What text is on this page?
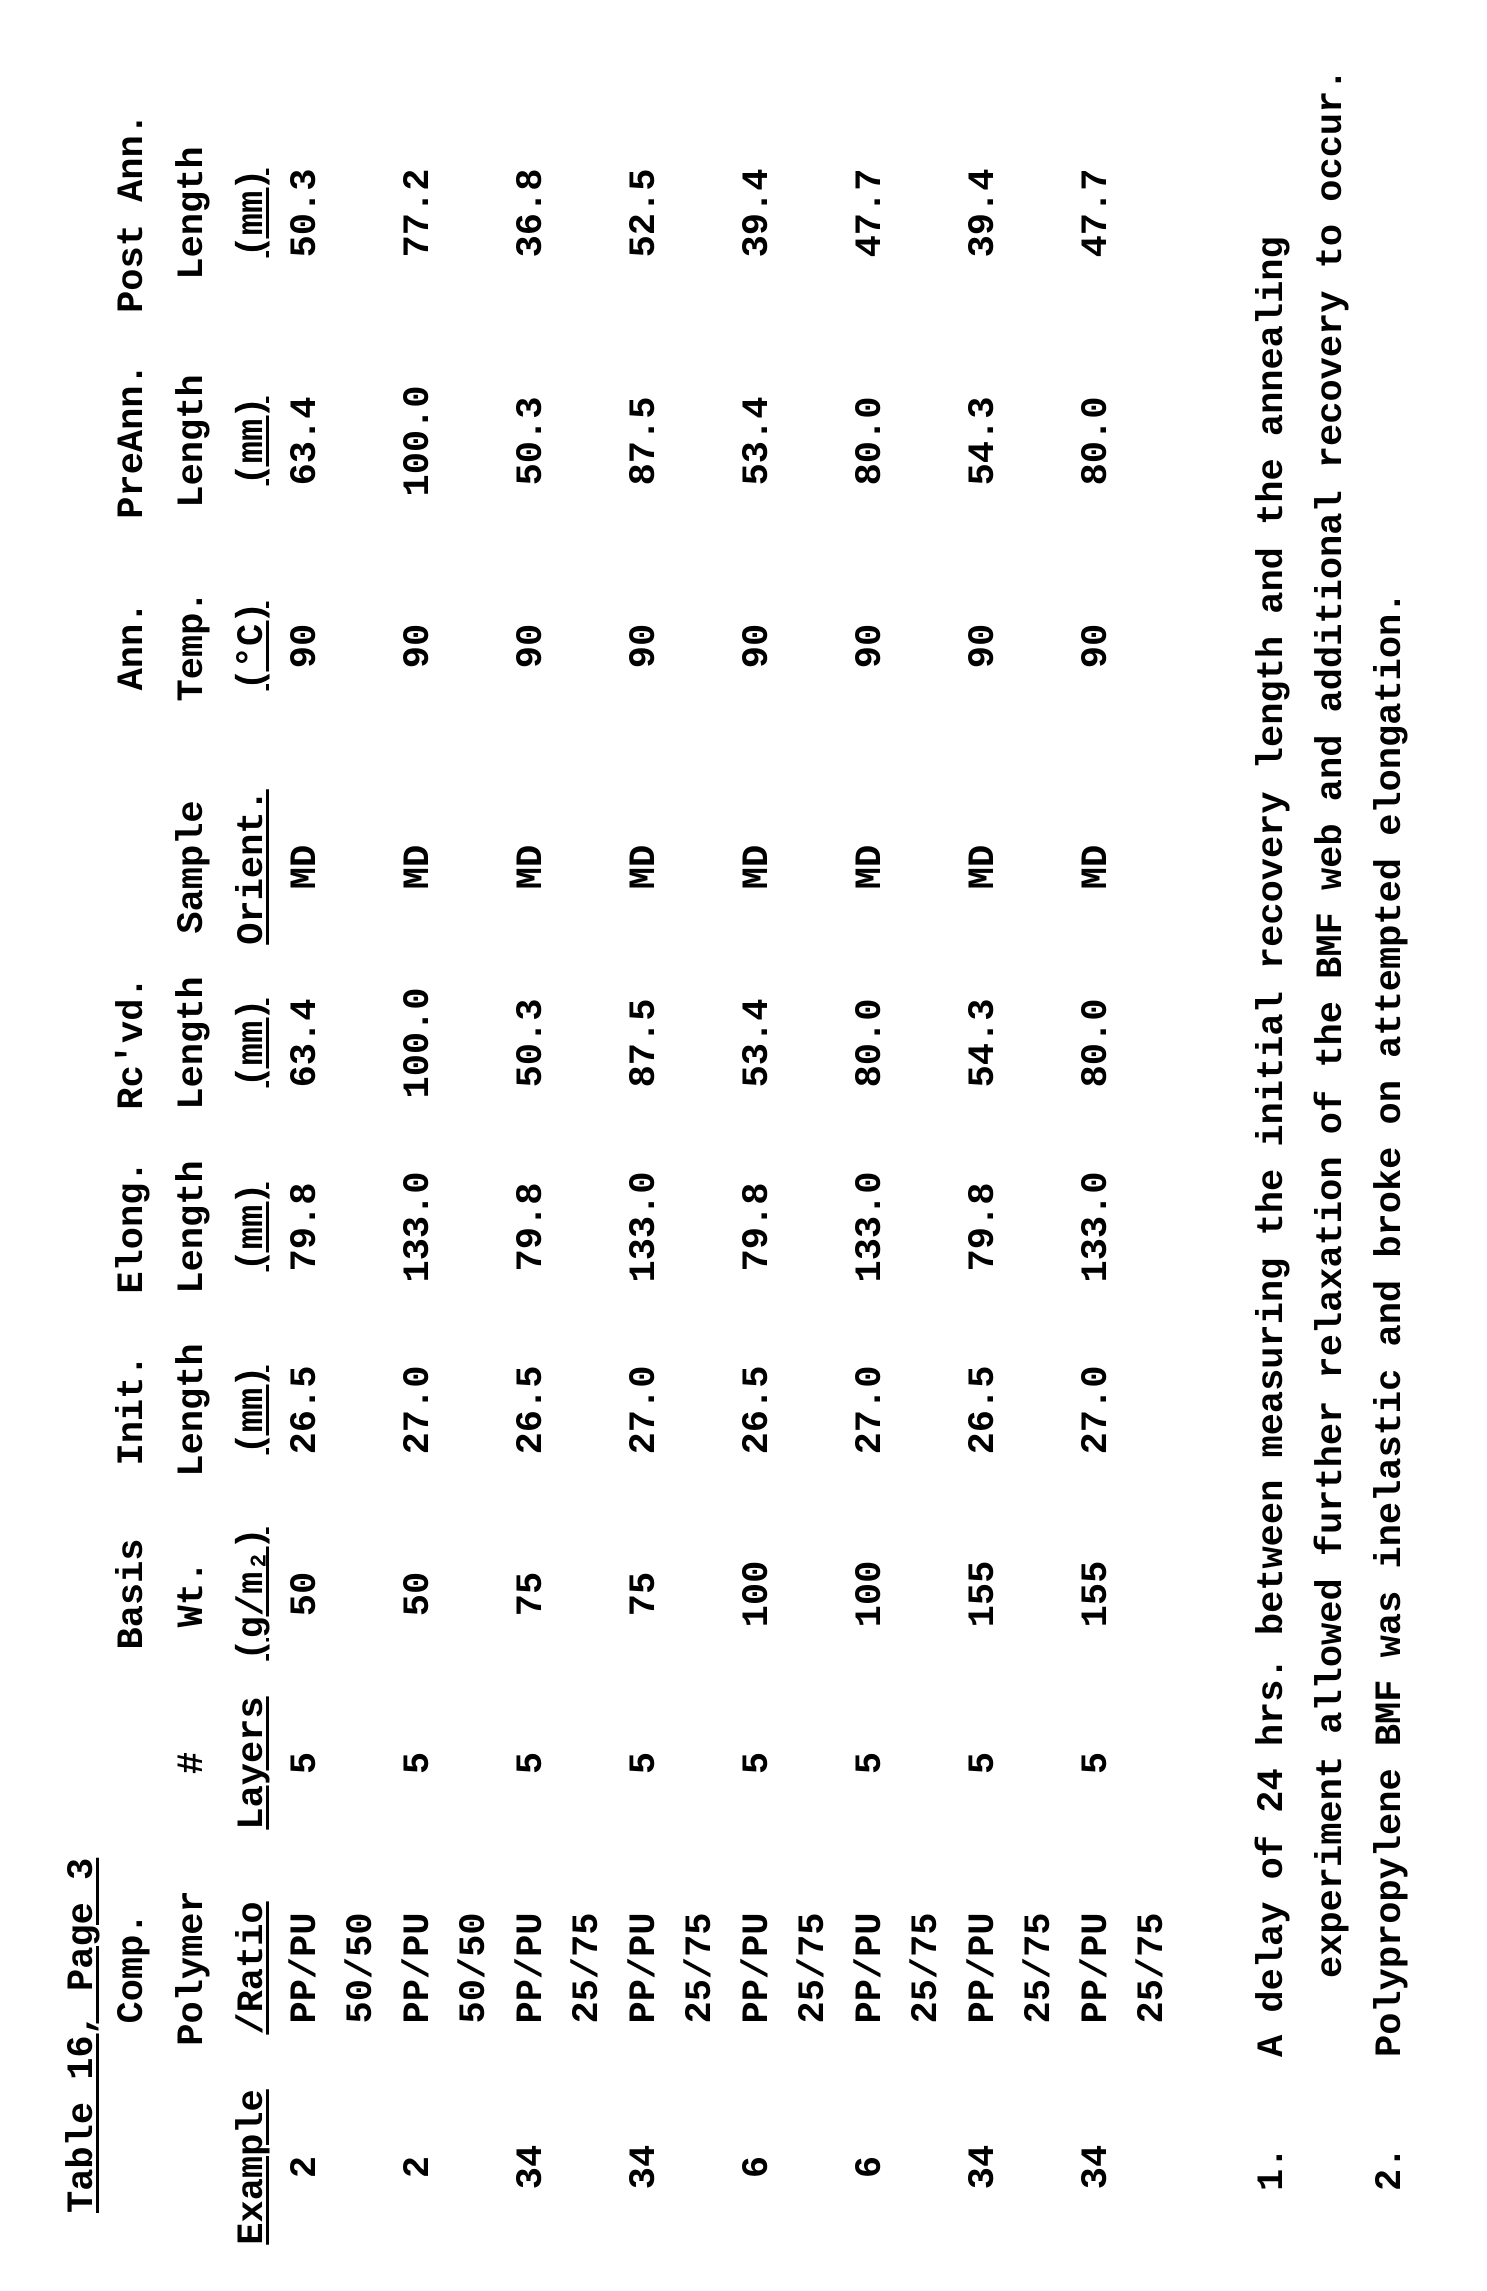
Table 16, Page 3	Example
Comp. Polymer /Ratio
# Layers
Basis Wt. (g/m₂)
Init. Length (mm)
Elong. Length (mm)
Rc'vd. Length (mm)
Sample Orient.
Ann. Temp. (°C)
PreAnn. Length (mm)
Post Ann. Length (mm)
2
PP/PU
5
50
26.5
79.8
63.4
MD
90
63.4
50.3
50/50
2
PP/PU
5
50
27.0
133.0
100.0
MD
90
100.0
77.2
50/50
34
PP/PU
5
75
26.5
79.8
50.3
MD
90
50.3
36.8
25/75
34
PP/PU
5
75
27.0
133.0
87.5
MD
90
87.5
52.5
25/75
6
PP/PU
5
100
26.5
79.8
53.4
MD
90
53.4
39.4
25/75
6
PP/PU
5
100
27.0
133.0
80.0
MD
90
80.0
47.7
25/75
34
PP/PU
5
155
26.5
79.8
54.3
MD
90
54.3
39.4
25/75
34
PP/PU
5
155
27.0
133.0
80.0
MD
90
80.0
47.7
25/75
1.
A delay of 24 hrs. between measuring the initial recovery length and the annealing experiment allowed further relaxation of the BMF web and additional recovery to occur.
2.
Polypropylene BMF was inelastic and broke on attempted elongation.
